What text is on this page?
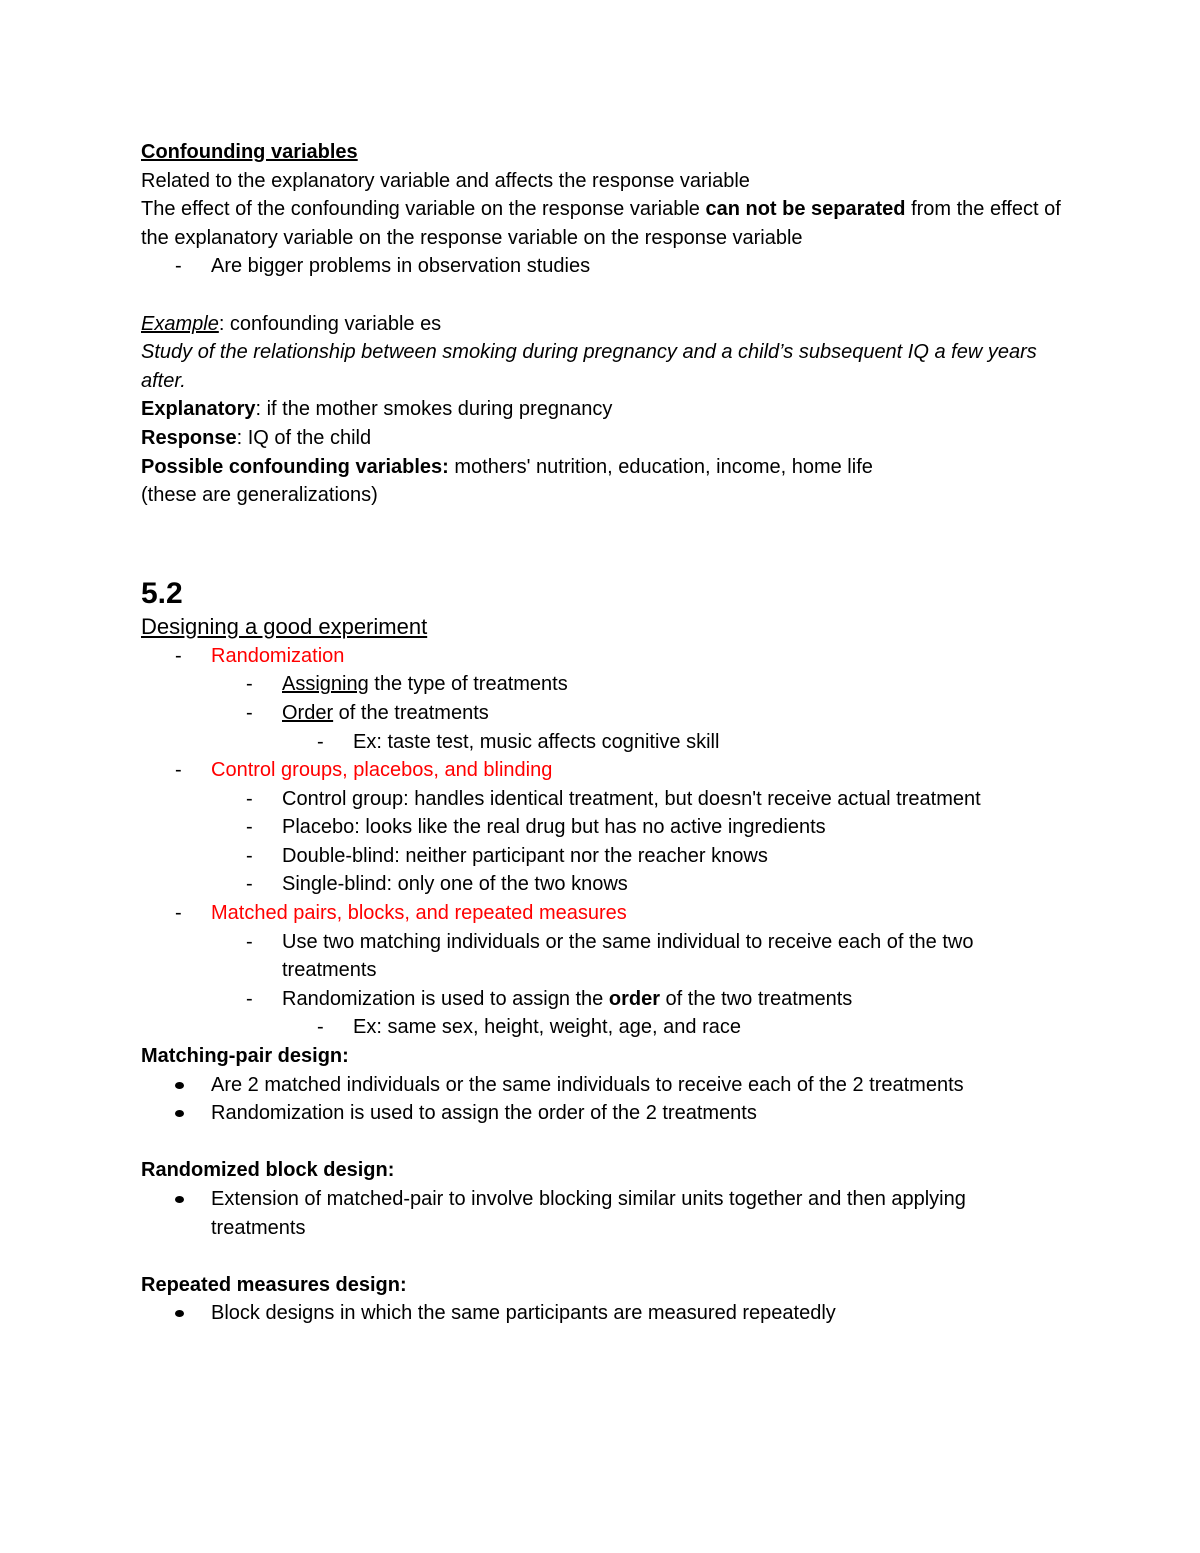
Confounding variables
Related to the explanatory variable and affects the response variable
The effect of the confounding variable on the response variable can not be separated from the effect of the explanatory variable on the response variable on the response variable
- Are bigger problems in observation studies
Example: confounding variable es
Study of the relationship between smoking during pregnancy and a child’s subsequent IQ a few years after.
Explanatory: if the mother smokes during pregnancy
Response: IQ of the child
Possible confounding variables: mothers' nutrition, education, income, home life
(these are generalizations)
5.2
Designing a good experiment
- Randomization
- Assigning the type of treatments
- Order of the treatments
- Ex: taste test, music affects cognitive skill
- Control groups, placebos, and blinding
- Control group: handles identical treatment, but doesn't receive actual treatment
- Placebo: looks like the real drug but has no active ingredients
- Double-blind: neither participant nor the reacher knows
- Single-blind: only one of the two knows
- Matched pairs, blocks, and repeated measures
- Use two matching individuals or the same individual to receive each of the two treatments
- Randomization is used to assign the order of the two treatments
- Ex: same sex, height, weight, age, and race
Matching-pair design:
Are 2 matched individuals or the same individuals to receive each of the 2 treatments
Randomization is used to assign the order of the 2 treatments
Randomized block design:
Extension of matched-pair to involve blocking similar units together and then applying treatments
Repeated measures design:
Block designs in which the same participants are measured repeatedly
